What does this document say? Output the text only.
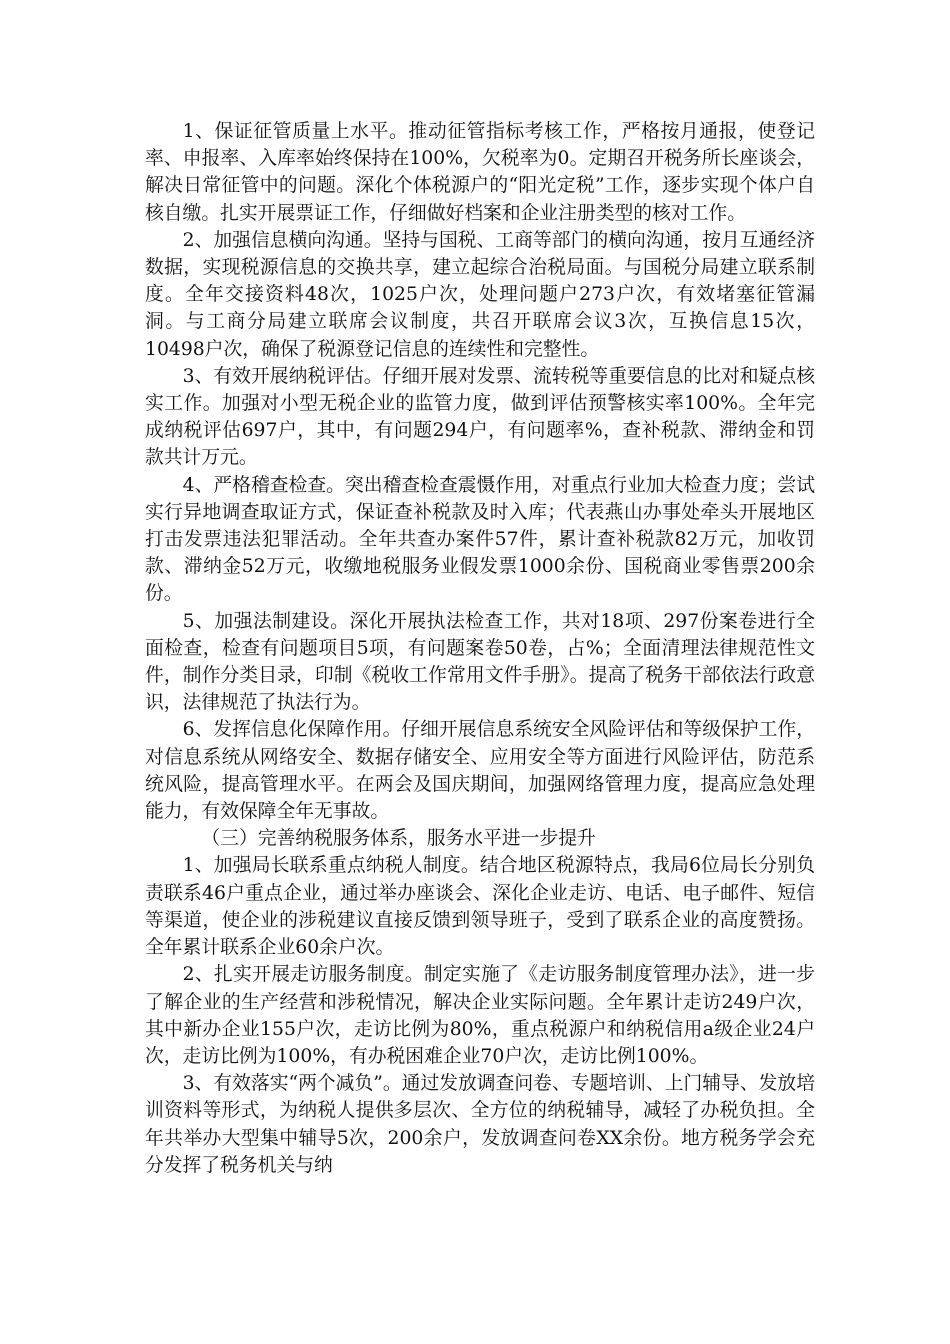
1、保证征管质量上水平。推动征管指标考核工作，严格按月通报，使登记率、申报率、入库率始终保持在100%，欠税率为0。定期召开税务所长座谈会，解决日常征管中的问题。深化个体税源户的“阳光定税”工作，逐步实现个体户自核自缴。扎实开展票证工作，仔细做好档案和企业注册类型的核对工作。

2、加强信息横向沟通。坚持与国税、工商等部门的横向沟通，按月互通经济数据，实现税源信息的交换共享，建立起综合治税局面。与国税分局建立联系制度。全年交接资料48次，1025户次，处理问题户273户次，有效堵塞征管漏洞。与工商分局建立联席会议制度，共召开联席会议3次，互换信息15次，10498户次，确保了税源登记信息的连续性和完整性。

3、有效开展纳税评估。仔细开展对发票、流转税等重要信息的比对和疑点核实工作。加强对小型无税企业的监管力度，做到评估预警核实率100%。全年完成纳税评估697户，其中，有问题294户，有问题率%，查补税款、滞纳金和罚款共计万元。

4、严格稽查检查。突出稽查检查震慑作用，对重点行业加大检查力度；尝试实行异地调查取证方式，保证查补税款及时入库；代表燕山办事处牵头开展地区打击发票违法犯罪活动。全年共查办案件57件，累计查补税款82万元，加收罚款、滞纳金52万元，收缴地税服务业假发票1000余份、国税商业零售票200余份。

5、加强法制建设。深化开展执法检查工作，共对18项、297份案卷进行全面检查，检查有问题项目5项，有问题案卷50卷，占%；全面清理法律规范性文件，制作分类目录，印制《税收工作常用文件手册》。提高了税务干部依法行政意识，法律规范了执法行为。

6、发挥信息化保障作用。仔细开展信息系统安全风险评估和等级保护工作，对信息系统从网络安全、数据存储安全、应用安全等方面进行风险评估，防范系统风险，提高管理水平。在两会及国庆期间，加强网络管理力度，提高应急处理能力，有效保障全年无事故。

（三）完善纳税服务体系，服务水平进一步提升

1、加强局长联系重点纳税人制度。结合地区税源特点，我局6位局长分别负责联系46户重点企业，通过举办座谈会、深化企业走访、电话、电子邮件、短信等渠道，使企业的涉税建议直接反馈到领导班子，受到了联系企业的高度赞扬。全年累计联系企业60余户次。

2、扎实开展走访服务制度。制定实施了《走访服务制度管理办法》，进一步了解企业的生产经营和涉税情况，解决企业实际问题。全年累计走访249户次，其中新办企业155户次，走访比例为80%，重点税源户和纳税信用a级企业24户次，走访比例为100%，有办税困难企业70户次，走访比例100%。

3、有效落实“两个减负”。通过发放调查问卷、专题培训、上门辅导、发放培训资料等形式，为纳税人提供多层次、全方位的纳税辅导，减轻了办税负担。全年共举办大型集中辅导5次，200余户，发放调查问卷XX余份。地方税务学会充分发挥了税务机关与纳
